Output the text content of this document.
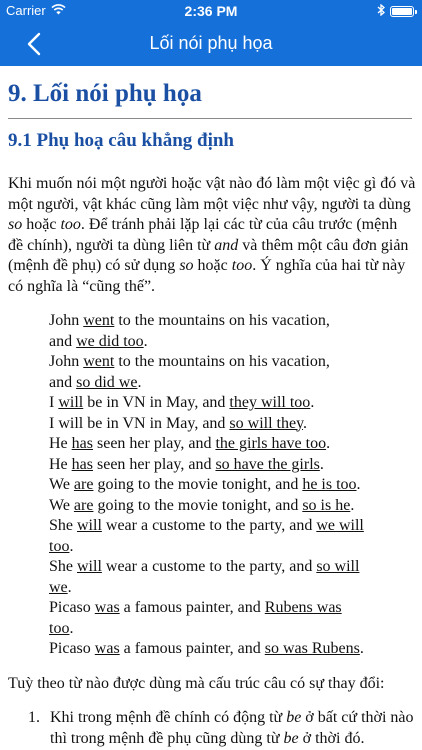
Carrier	2:36 PM
Lối nói phụ họa
9. Lối nói phụ họa
9.1 Phụ hoạ câu khẳng định
Khi muốn nói một người hoặc vật nào đó làm một việc gì đó và một người, vật khác cũng làm một việc như vậy, người ta dùng so hoặc too. Để tránh phải lặp lại các từ của câu trước (mệnh đề chính), người ta dùng liên từ and và thêm một câu đơn giản (mệnh đề phụ) có sử dụng so hoặc too. Ý nghĩa của hai từ này có nghĩa là “cũng thế”.
John went to the mountains on his vacation,
and we did too.
John went to the mountains on his vacation,
and so did we.
I will be in VN in May, and they will too.
I will be in VN in May, and so will they.
He has seen her play, and the girls have too.
He has seen her play, and so have the girls.
We are going to the movie tonight, and he is too.
We are going to the movie tonight, and so is he.
She will wear a custome to the party, and we will
too.
She will wear a custome to the party, and so will
we.
Picaso was a famous painter, and Rubens was
too.
Picaso was a famous painter, and so was Rubens.
Tuỳ theo từ nào được dùng mà cấu trúc câu có sự thay đổi:
1. Khi trong mệnh đề chính có động từ be ở bất cứ thời nào thì trong mệnh đề phụ cũng dùng từ be ở thời đó.
